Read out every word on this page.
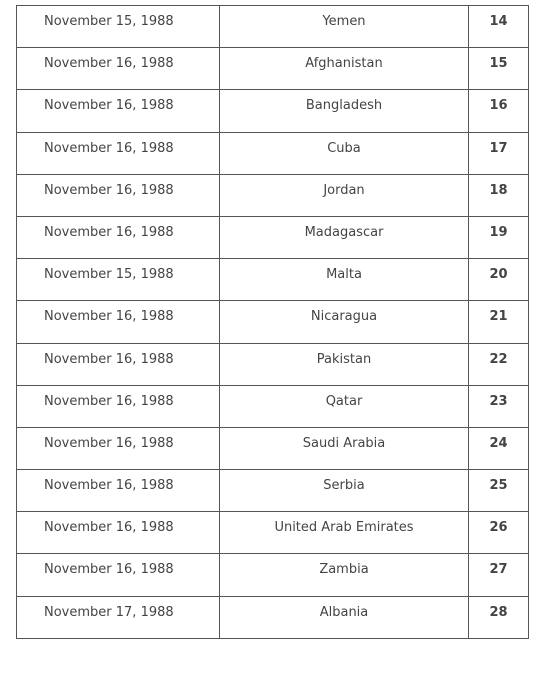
November 15, 1988	Yemen	14
November 16, 1988	Afghanistan	15
November 16, 1988	Bangladesh	16
November 16, 1988	Cuba	17
November 16, 1988	Jordan	18
November 16, 1988	Madagascar	19
November 15, 1988	Malta	20
November 16, 1988	Nicaragua	21
November 16, 1988	Pakistan	22
November 16, 1988	Qatar	23
November 16, 1988	Saudi Arabia	24
November 16, 1988	Serbia	25
November 16, 1988	United Arab Emirates	26
November 16, 1988	Zambia	27
November 17, 1988	Albania	28
